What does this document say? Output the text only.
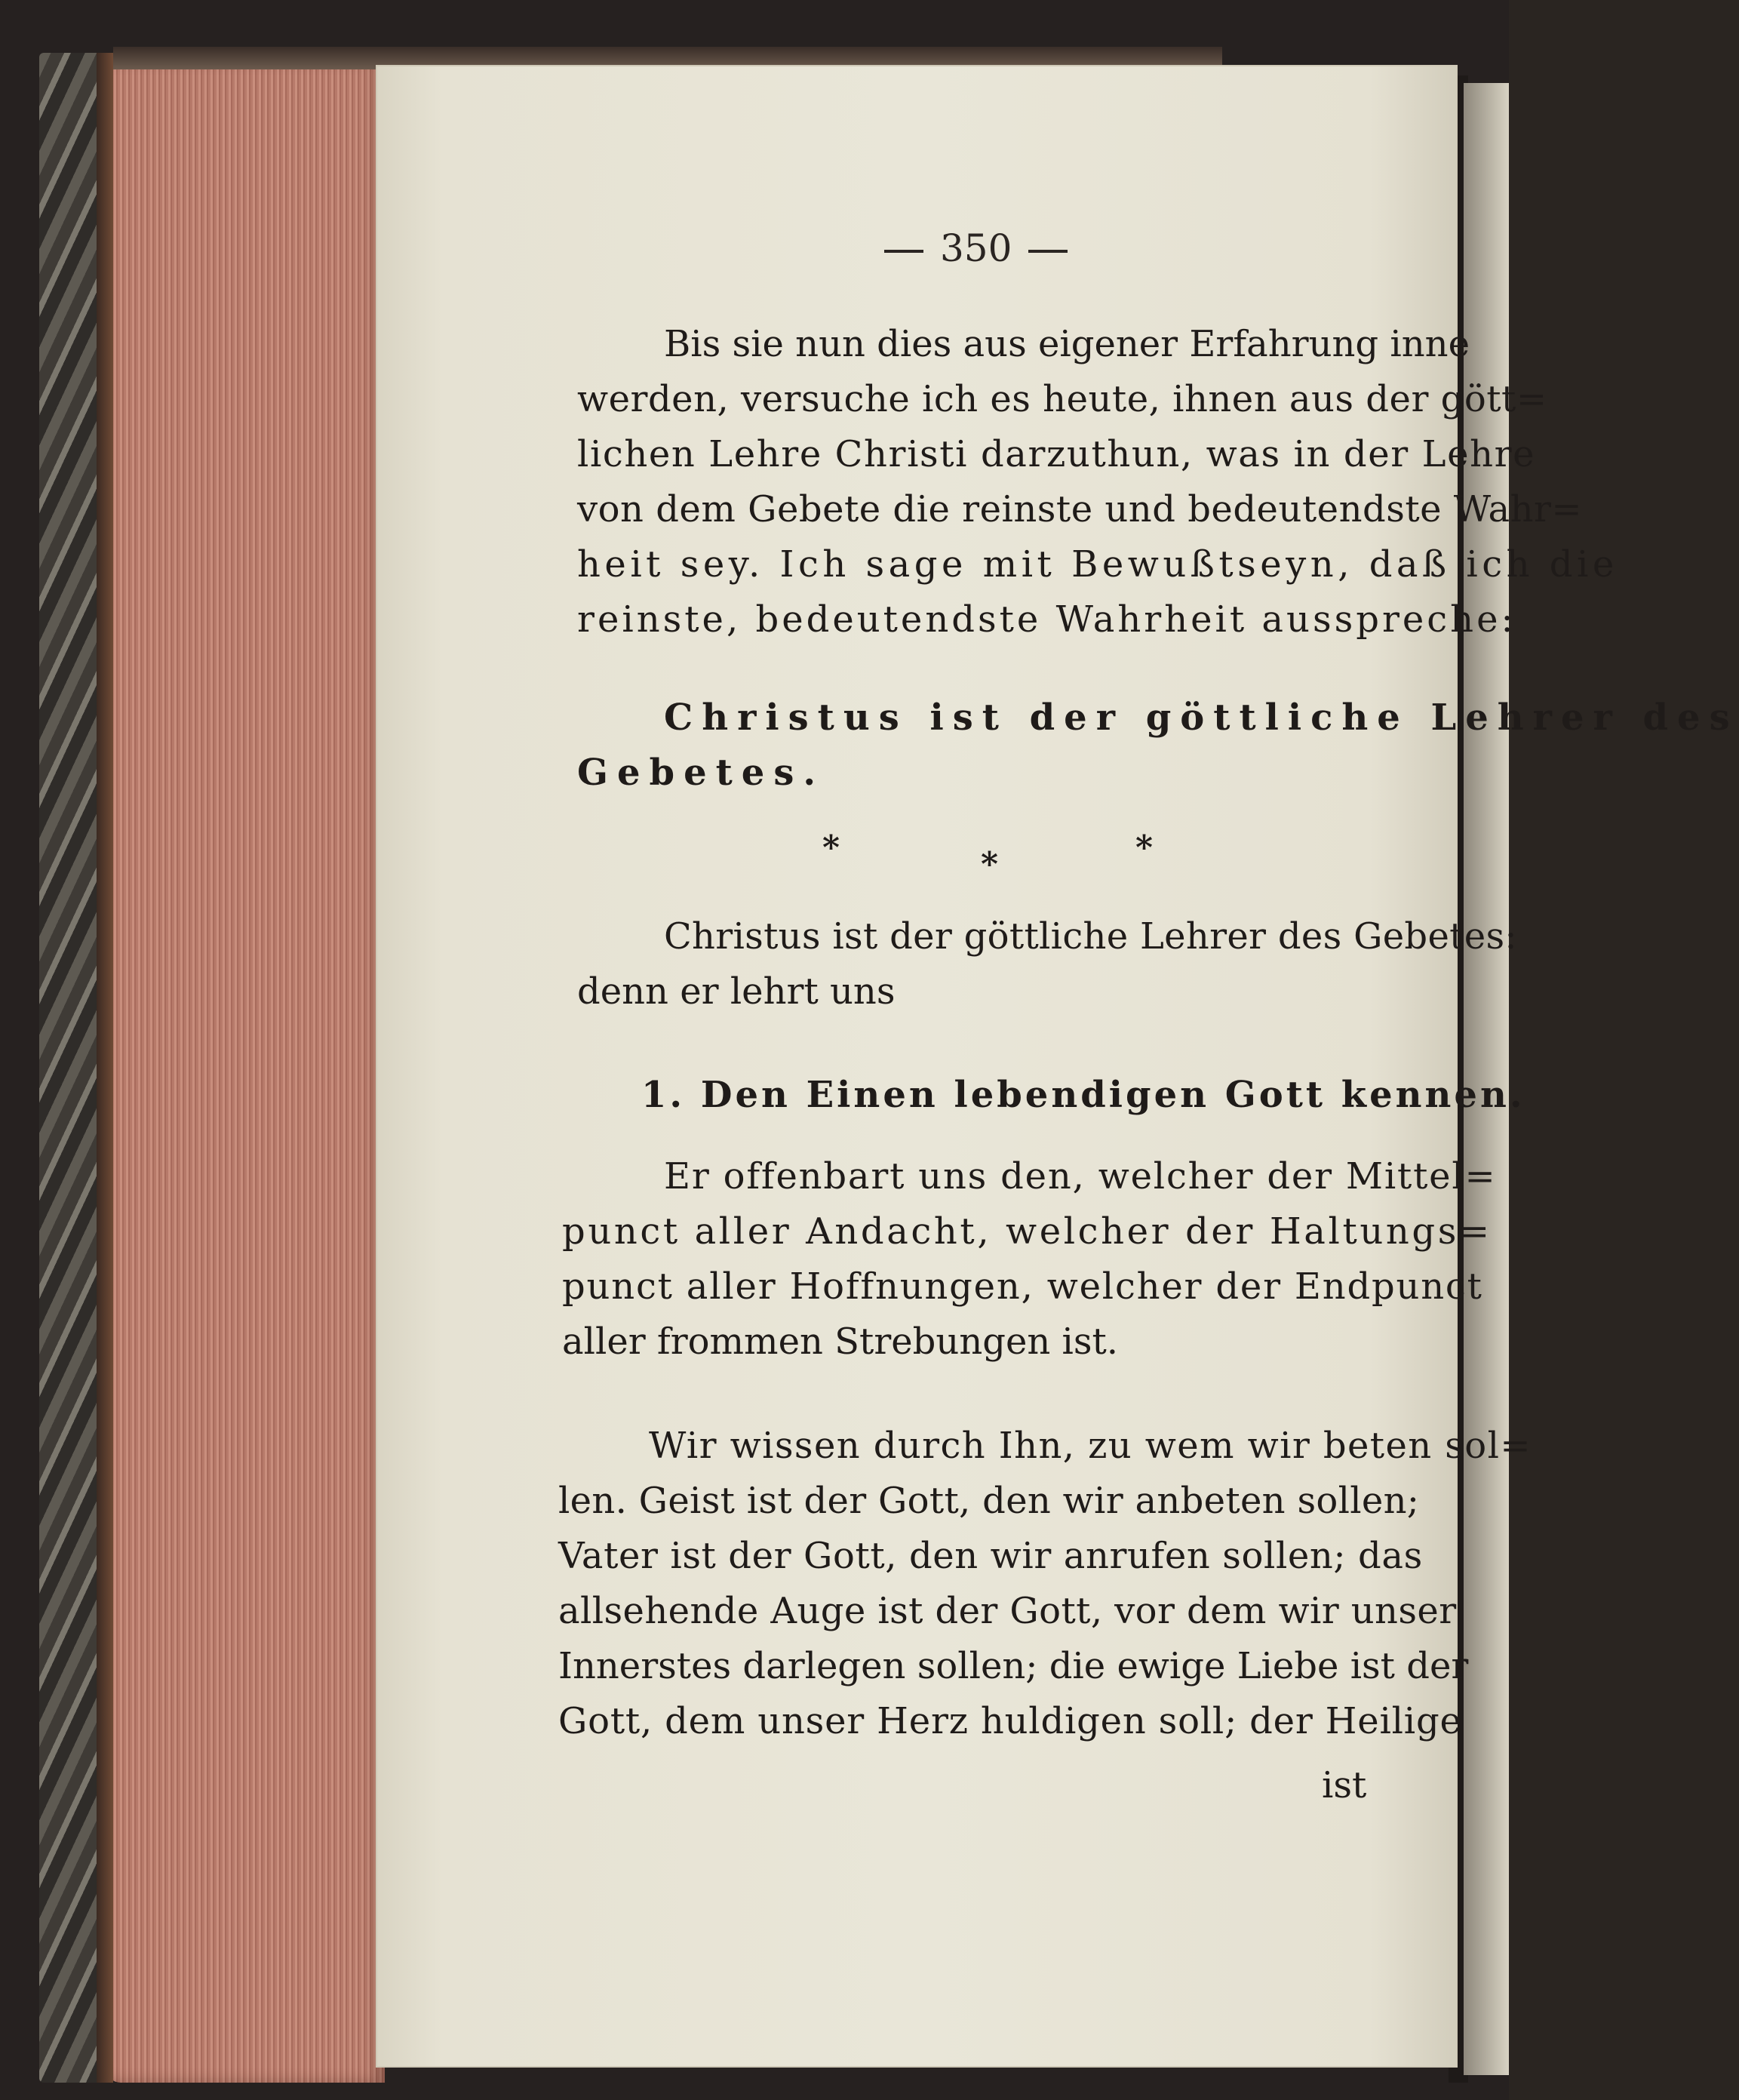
350
Bis sie nun dies aus eigener Erfahrung inne
werden, versuche ich es heute, ihnen aus der gött=
lichen Lehre Christi darzuthun, was in der Lehre
von dem Gebete die reinste und bedeutendste Wahr=
heit sey. Ich sage mit Bewußtseyn, daß ich die
reinste, bedeutendste Wahrheit ausspreche:
Christus ist der göttliche Lehrer des
Gebetes.
*	*	*
Christus ist der göttliche Lehrer des Gebetes:
denn er lehrt uns
1. Den Einen lebendigen Gott kennen.
Er offenbart uns den, welcher der Mittel=
punct aller Andacht, welcher der Haltungs=
punct aller Hoffnungen, welcher der Endpunct
aller frommen Strebungen ist.
Wir wissen durch Ihn, zu wem wir beten sol=
len. Geist ist der Gott, den wir anbeten sollen;
Vater ist der Gott, den wir anrufen sollen; das
allsehende Auge ist der Gott, vor dem wir unser
Innerstes darlegen sollen; die ewige Liebe ist der
Gott, dem unser Herz huldigen soll; der Heilige
ist
